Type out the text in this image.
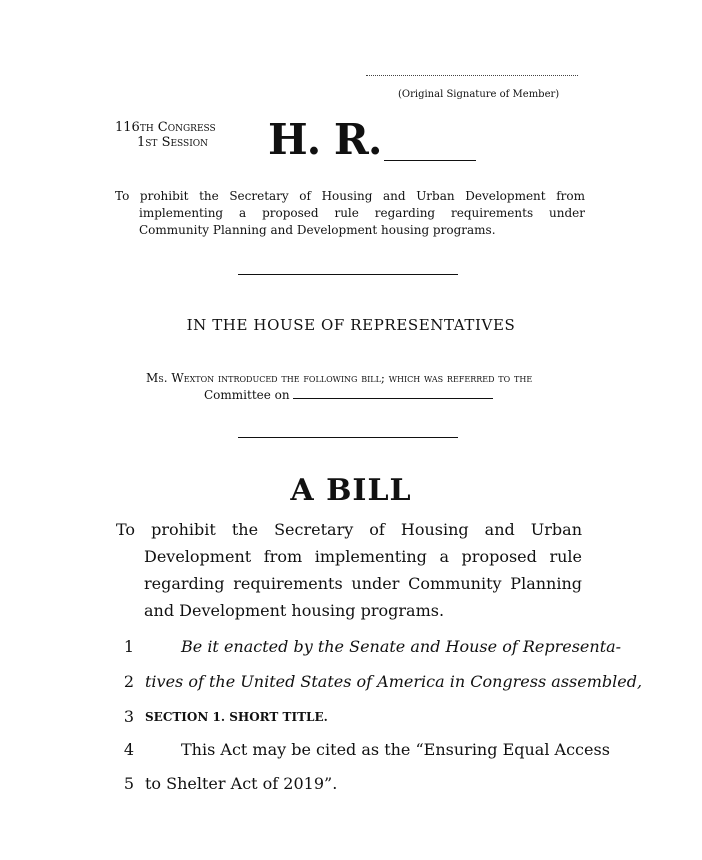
(Original Signature of Member)
116th Congress
1st Session H. R.

To prohibit the Secretary of Housing and Urban Development from implementing a proposed rule regarding requirements under Community Planning and Development housing programs.

IN THE HOUSE OF REPRESENTATIVES
Ms. Wexton introduced the following bill; which was referred to the
Committee on
A BILL

To prohibit the Secretary of Housing and Urban Development from implementing a proposed rule regarding requirements under Community Planning and Development housing programs.

1	Be it enacted by the Senate and House of Representa-
2 tives of the United States of America in Congress assembled,
3 SECTION 1. SHORT TITLE.
4	This Act may be cited as the “Ensuring Equal Access
5 to Shelter Act of 2019”.
